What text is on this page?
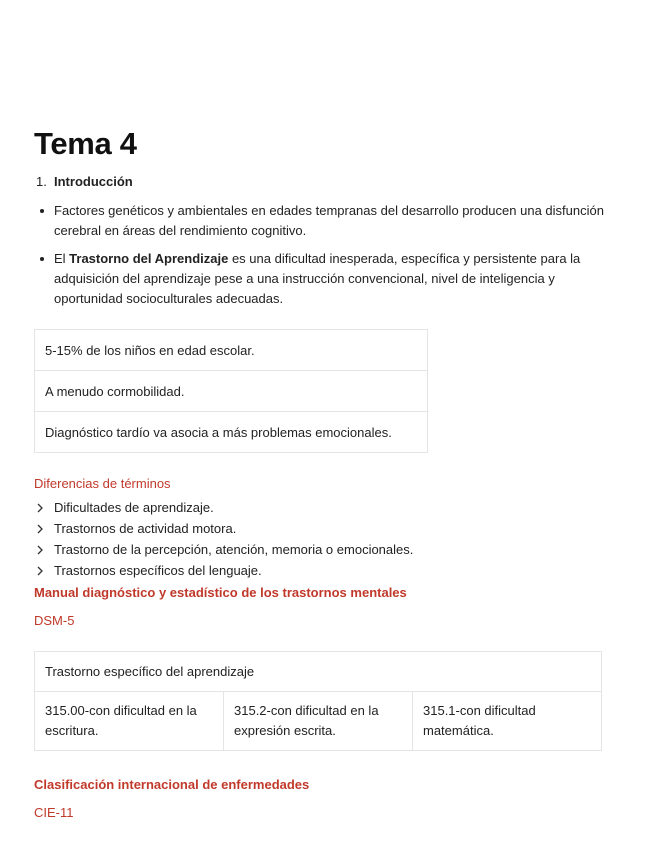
Tema 4
1. Introducción
Factores genéticos y ambientales en edades tempranas del desarrollo producen una disfunción cerebral en áreas del rendimiento cognitivo.
El Trastorno del Aprendizaje es una dificultad inesperada, específica y persistente para la adquisición del aprendizaje pese a una instrucción convencional, nivel de inteligencia y oportunidad socioculturales adecuadas.
5-15% de los niños en edad escolar.
A menudo cormobilidad.
Diagnóstico tardío va asocia a más problemas emocionales.
Diferencias de términos
Dificultades de aprendizaje.
Trastornos de actividad motora.
Trastorno de la percepción, atención, memoria o emocionales.
Trastornos específicos del lenguaje.
Manual diagnóstico y estadístico de los trastornos mentales
DSM-5
Trastorno específico del aprendizaje
315.00-con dificultad en la escritura.	315.2-con dificultad en la expresión escrita.	315.1-con dificultad matemática.
Clasificación internacional de enfermedades
CIE-11
